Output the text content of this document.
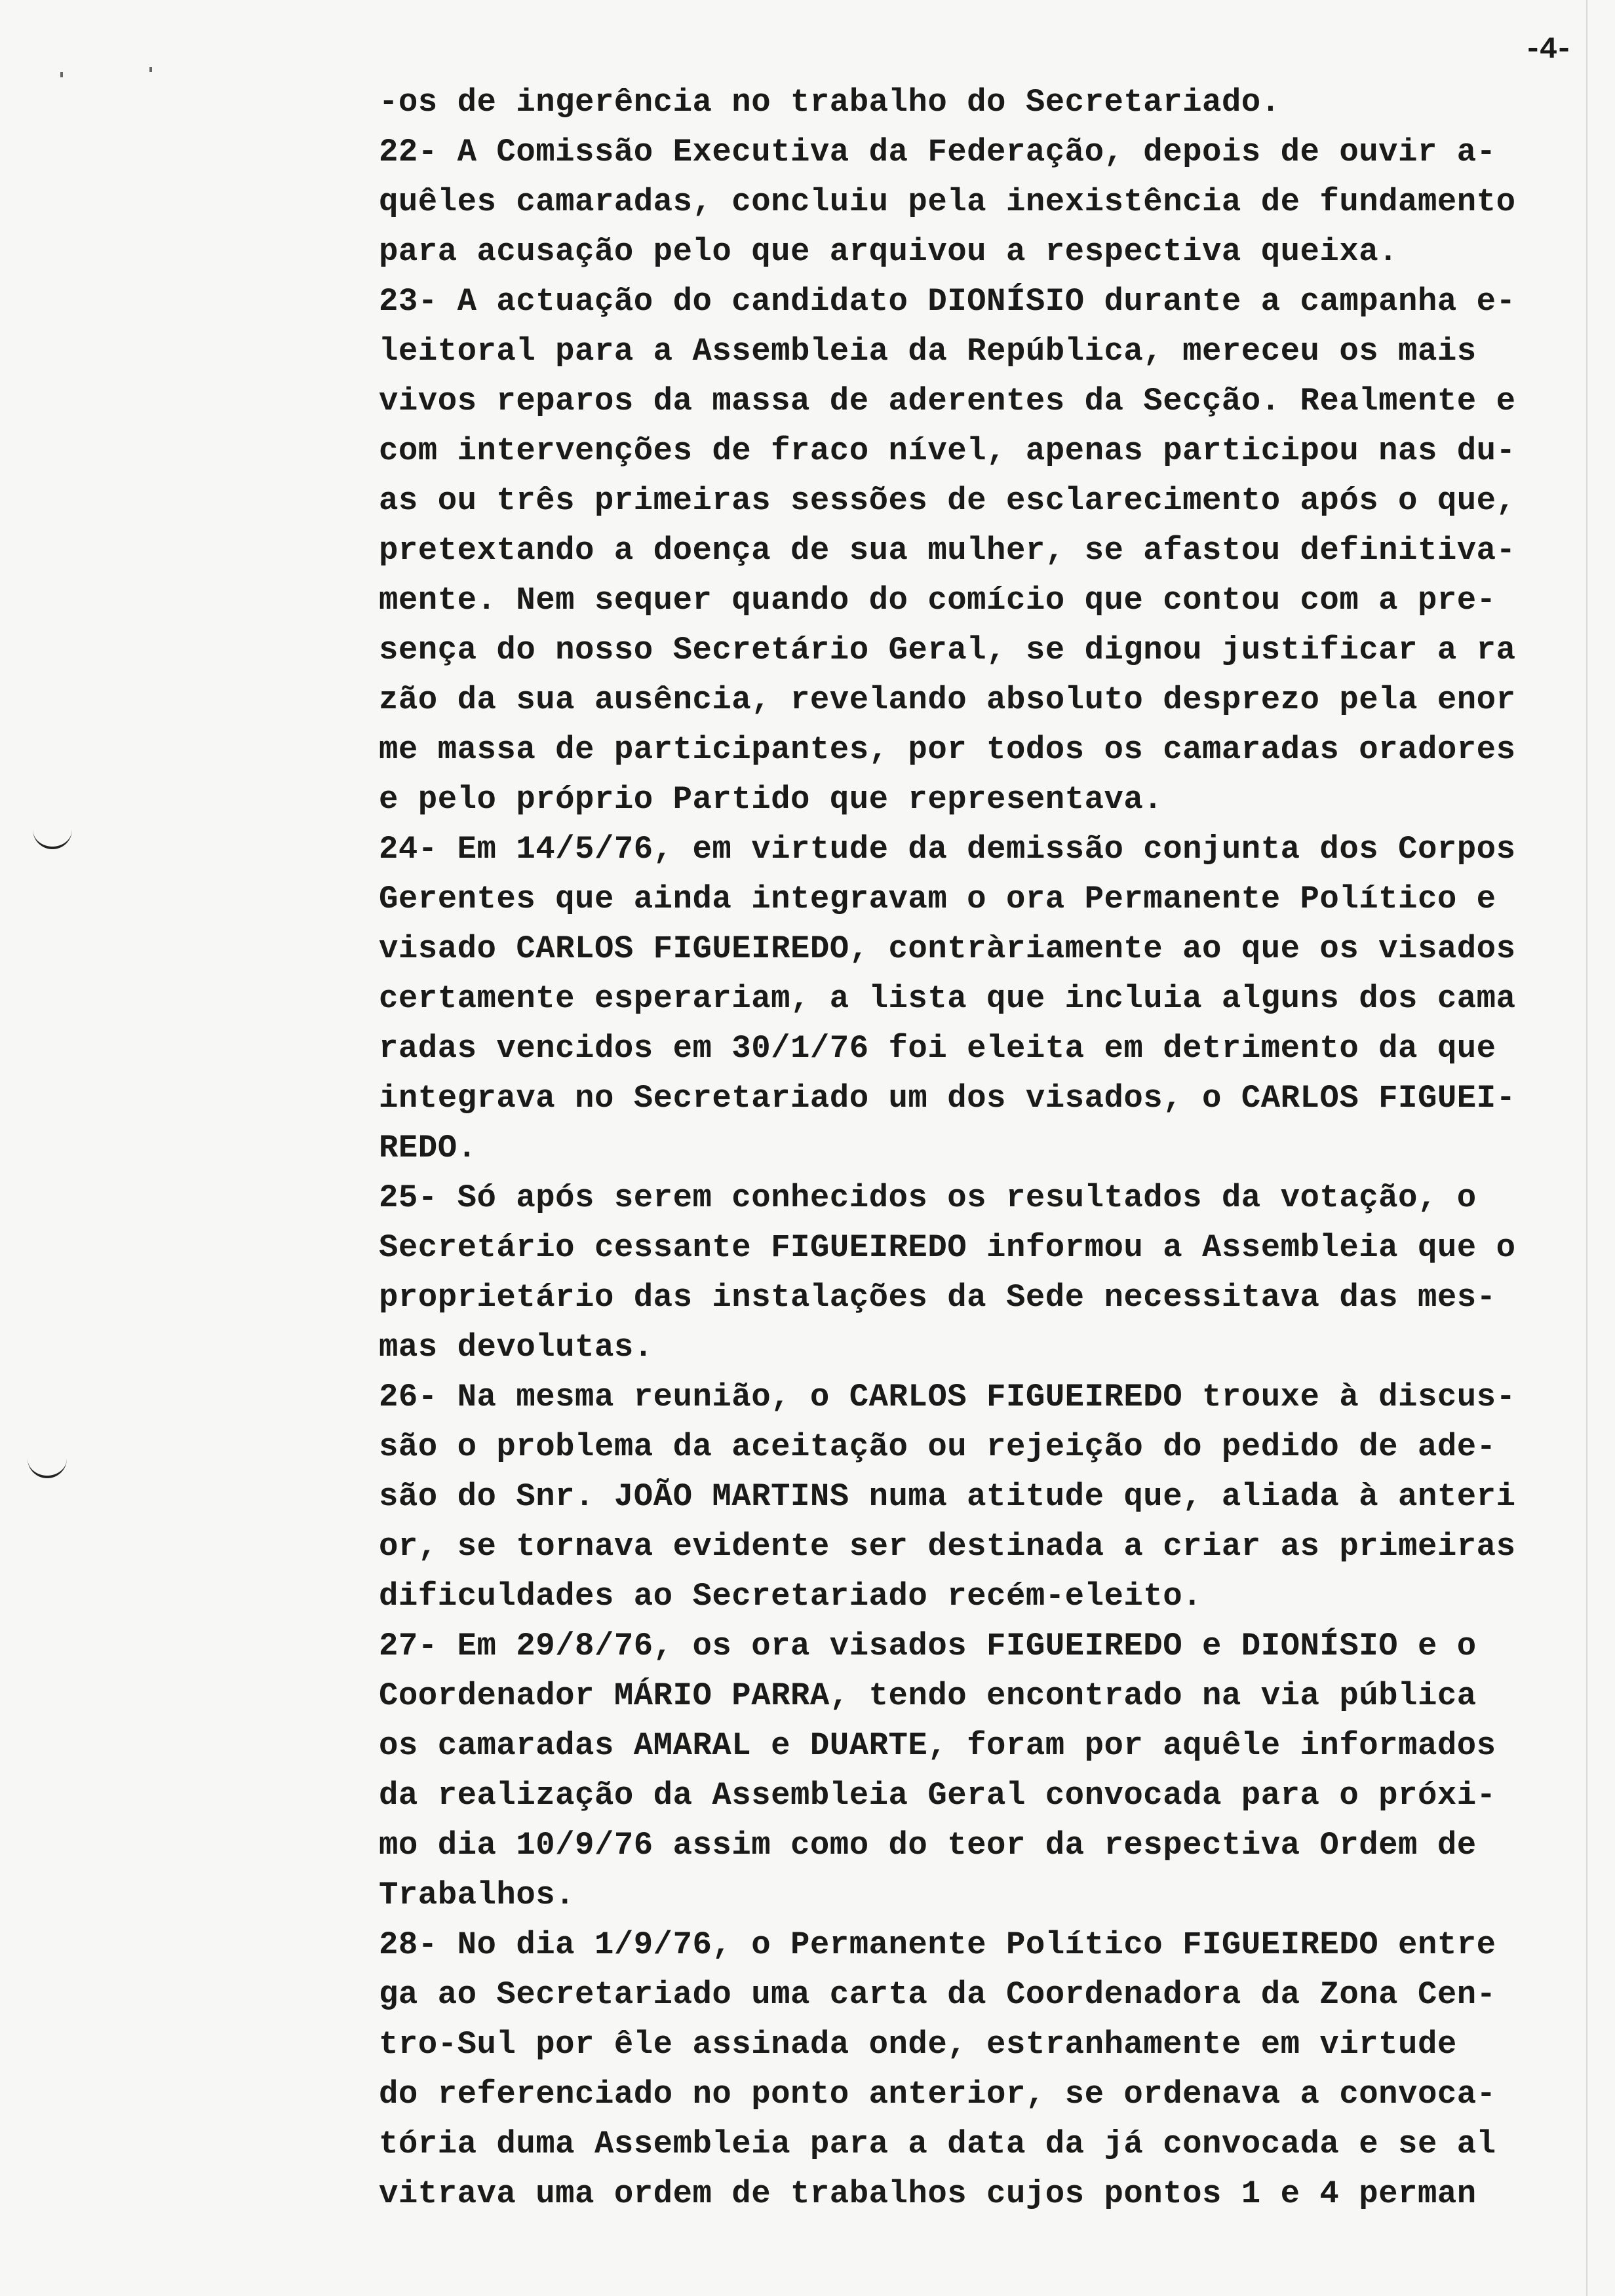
-4-
-os de ingerência no trabalho do Secretariado.
22- A Comissão Executiva da Federação, depois de ouvir a-
quêles camaradas, concluiu pela inexistência de fundamento
para acusação pelo que arquivou a respectiva queixa.
23- A actuação do candidato DIONÍSIO durante a campanha e-
leitoral para a Assembleia da República, mereceu os mais
vivos reparos da massa de aderentes da Secção. Realmente e
com intervenções de fraco nível, apenas participou nas du-
as ou três primeiras sessões de esclarecimento após o que,
pretextando a doença de sua mulher, se afastou definitiva-
mente. Nem sequer quando do comício que contou com a pre-
sença do nosso Secretário Geral, se dignou justificar a ra
zão da sua ausência, revelando absoluto desprezo pela enor
me massa de participantes, por todos os camaradas oradores
e pelo próprio Partido que representava.
24- Em 14/5/76, em virtude da demissão conjunta dos Corpos
Gerentes que ainda integravam o ora Permanente Político e
visado CARLOS FIGUEIREDO, contràriamente ao que os visados
certamente esperariam, a lista que incluia alguns dos cama
radas vencidos em 30/1/76 foi eleita em detrimento da que
integrava no Secretariado um dos visados, o CARLOS FIGUEI-
REDO.
25- Só após serem conhecidos os resultados da votação, o
Secretário cessante FIGUEIREDO informou a Assembleia que o
proprietário das instalações da Sede necessitava das mes-
mas devolutas.
26- Na mesma reunião, o CARLOS FIGUEIREDO trouxe à discus-
são o problema da aceitação ou rejeição do pedido de ade-
são do Snr. JOÃO MARTINS numa atitude que, aliada à anteri
or, se tornava evidente ser destinada a criar as primeiras
dificuldades ao Secretariado recém-eleito.
27- Em 29/8/76, os ora visados FIGUEIREDO e DIONÍSIO e o
Coordenador MÁRIO PARRA, tendo encontrado na via pública
os camaradas AMARAL e DUARTE, foram por aquêle informados
da realização da Assembleia Geral convocada para o próxi-
mo dia 10/9/76 assim como do teor da respectiva Ordem de
Trabalhos.
28- No dia 1/9/76, o Permanente Político FIGUEIREDO entre
ga ao Secretariado uma carta da Coordenadora da Zona Cen-
tro-Sul por êle assinada onde, estranhamente em virtude
do referenciado no ponto anterior, se ordenava a convoca-
tória duma Assembleia para a data da já convocada e se al
vitrava uma ordem de trabalhos cujos pontos 1 e 4 perman
